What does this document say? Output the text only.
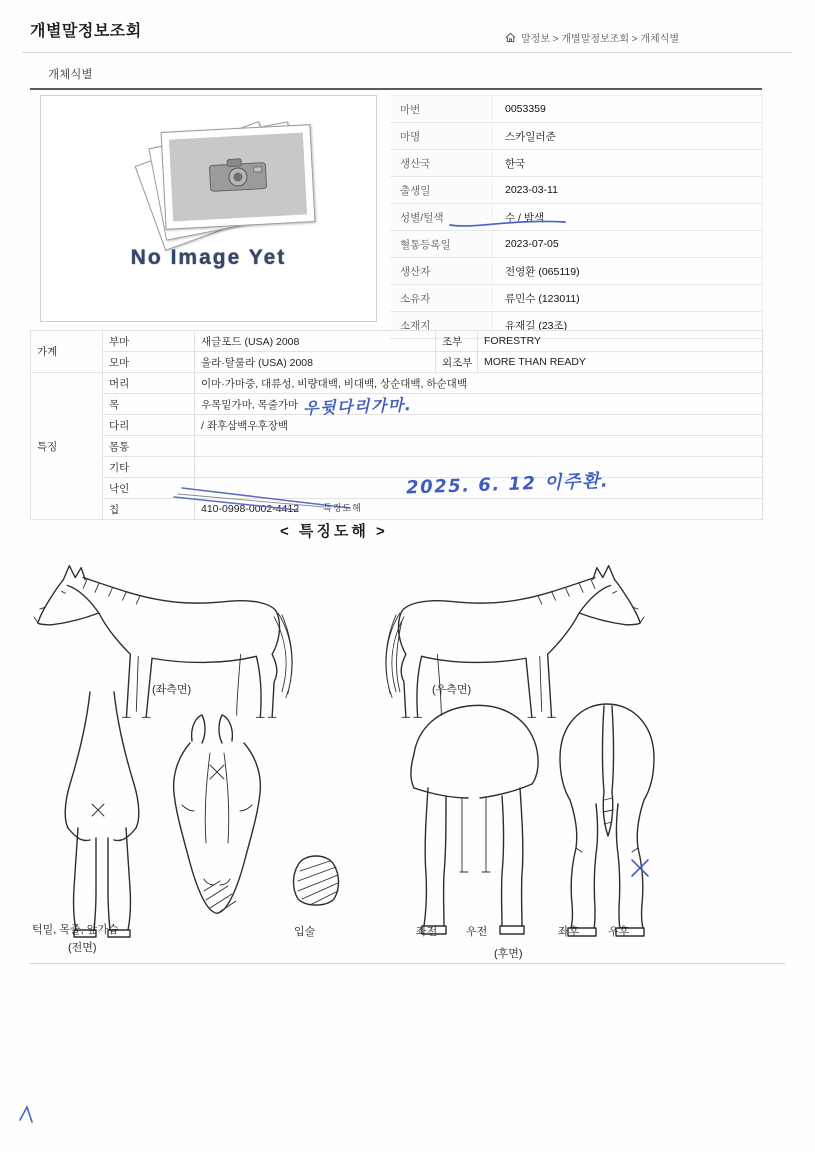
개별말정보조회	말정보 > 개별말정보조회 > 개체식별
개체식별
No Image Yet
마번	0053359
마명	스카일러준
생산국	한국
출생일	2023-03-11
성별/털색	수 / 밤색
혈통등록일	2023-07-05
생산자	전영환 (065119)
소유자	류민수 (123011)
소재지	유재길 (23조)
가계	부마	새글포드 (USA) 2008	조부	FORESTRY
	모마	울라·탈룰라 (USA) 2008	외조부	MORE THAN READY
특징	머리	이마·가마중, 대류성, 비량대백, 비대백, 상순대백, 하순대백		
	목	우목밑가마, 목줄가마		
	다리	/ 좌후삼백우후장백		
	몸통			
	기타			
	낙인			
	칩	410-0998-0002-4412		
우뒷다리가마.
2025. 6. 12 이주환.
특징도해
< 특징도해 >
(좌측면)	(우측면)
턱밑, 목줄, 앞가슴
(전면)
입술	좌전	우전	좌후	우후
(후면)
